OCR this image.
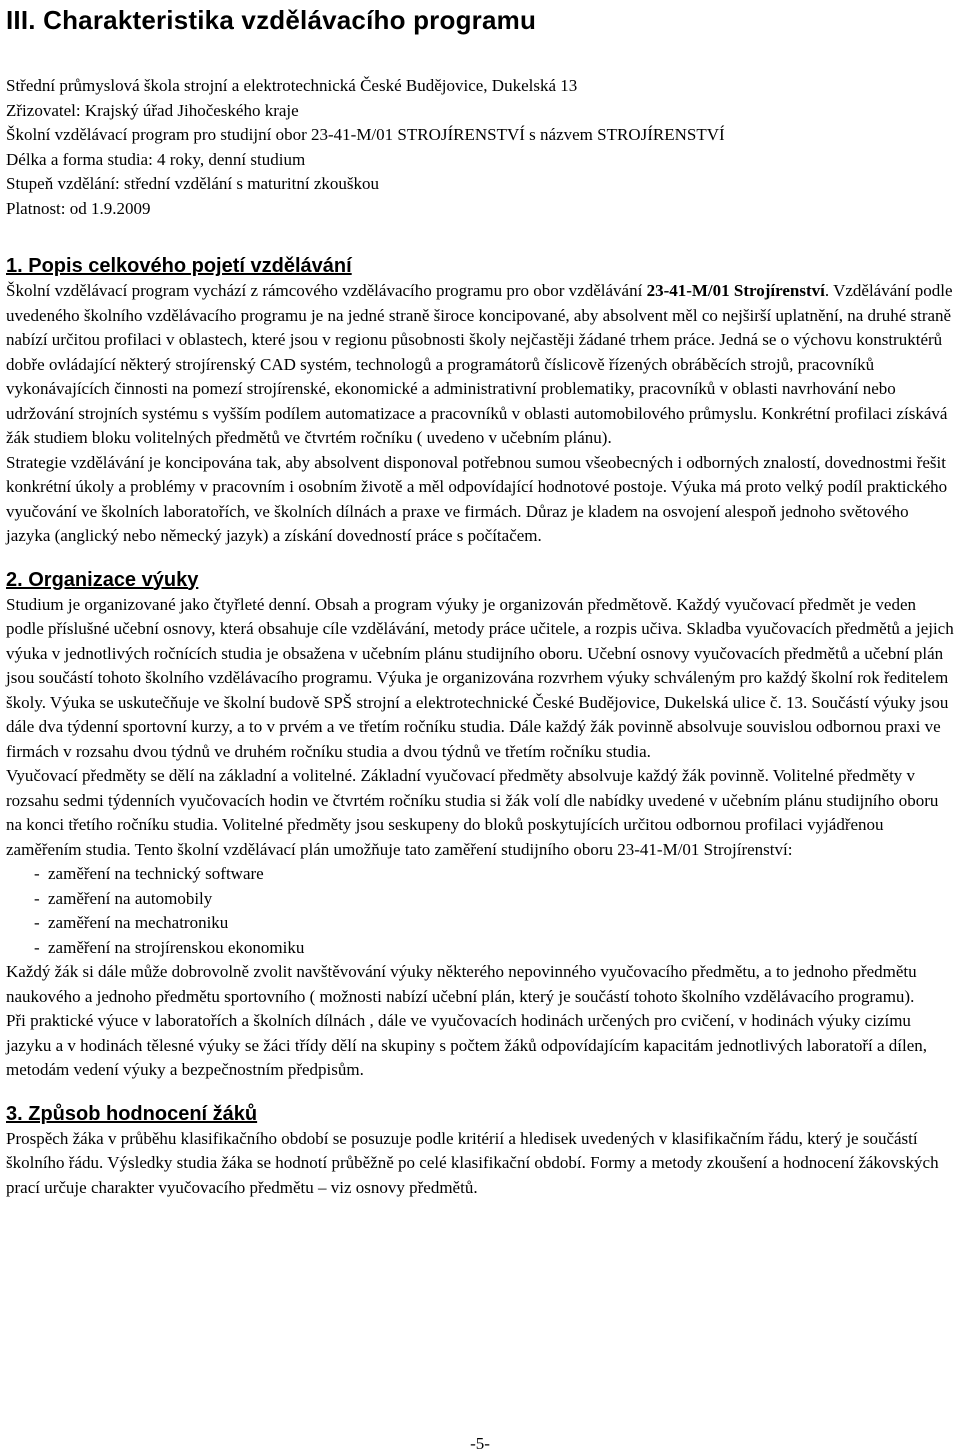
III. Charakteristika vzdělávacího programu
Střední průmyslová škola strojní a elektrotechnická České Budějovice, Dukelská 13
Zřizovatel: Krajský úřad Jihočeského kraje
Školní vzdělávací program pro studijní obor 23-41-M/01 STROJÍRENSTVÍ s názvem STROJÍRENSTVÍ
Délka a forma studia: 4 roky, denní studium
Stupeň vzdělání: střední vzdělání s maturitní zkouškou
Platnost: od 1.9.2009
1. Popis celkového pojetí vzdělávání

Školní vzdělávací program vychází z rámcového vzdělávacího programu pro obor vzdělávání 23-41-M/01 Strojírenství. Vzdělávání podle uvedeného školního vzdělávacího programu je na jedné straně široce koncipované, aby absolvent měl co nejširší uplatnění, na druhé straně nabízí určitou profilaci v oblastech, které jsou v regionu působnosti školy nejčastěji žádané trhem práce. Jedná se o výchovu konstruktérů dobře ovládající některý strojírenský CAD systém, technologů a programátorů číslicově řízených obráběcích strojů, pracovníků vykonávajících činnosti na pomezí strojírenské, ekonomické a administrativní problematiky, pracovníků v oblasti navrhování nebo udržování strojních systému s vyšším podílem automatizace a pracovníků v oblasti automobilového průmyslu. Konkrétní profilaci získává žák studiem bloku volitelných předmětů ve čtvrtém ročníku ( uvedeno v učebním plánu).

Strategie vzdělávání je koncipována tak, aby absolvent disponoval potřebnou sumou všeobecných i odborných znalostí, dovednostmi řešit konkrétní úkoly a problémy v pracovním i osobním životě a měl odpovídající hodnotové postoje. Výuka má proto velký podíl praktického vyučování ve školních laboratořích, ve školních dílnách a praxe ve firmách. Důraz je kladem na osvojení alespoň jednoho světového jazyka (anglický nebo německý jazyk) a získání dovedností práce s počítačem.

2. Organizace výuky

Studium je organizované jako čtyřleté denní. Obsah a program výuky je organizován předmětově. Každý vyučovací předmět je veden podle příslušné učební osnovy, která obsahuje cíle vzdělávání, metody práce učitele, a rozpis učiva. Skladba vyučovacích předmětů a jejich výuka v jednotlivých ročnících studia je obsažena v učebním plánu studijního oboru. Učební osnovy vyučovacích předmětů a učební plán jsou součástí tohoto školního vzdělávacího programu. Výuka je organizována rozvrhem výuky schváleným pro každý školní rok ředitelem školy. Výuka se uskutečňuje ve školní budově SPŠ strojní a elektrotechnické České Budějovice, Dukelská ulice č. 13. Součástí výuky jsou dále dva týdenní sportovní kurzy, a to v prvém a ve třetím ročníku studia. Dále každý žák povinně absolvuje souvislou odbornou praxi ve firmách v rozsahu dvou týdnů ve druhém ročníku studia a dvou týdnů ve třetím ročníku studia.

Vyučovací předměty se dělí na základní a volitelné. Základní vyučovací předměty absolvuje každý žák povinně. Volitelné předměty v rozsahu sedmi týdenních vyučovacích hodin ve čtvrtém ročníku studia si žák volí dle nabídky uvedené v učebním plánu studijního oboru na konci třetího ročníku studia. Volitelné předměty jsou seskupeny do bloků poskytujících určitou odbornou profilaci vyjádřenou zaměřením studia. Tento školní vzdělávací plán umožňuje tato zaměření studijního oboru 23-41-M/01 Strojírenství:

- zaměření na technický software
- zaměření na automobily
- zaměření na mechatroniku
- zaměření na strojírenskou ekonomiku

Každý žák si dále může dobrovolně zvolit navštěvování výuky některého nepovinného vyučovacího předmětu, a to jednoho předmětu naukového a jednoho předmětu sportovního ( možnosti nabízí učební plán, který je součástí tohoto školního vzdělávacího programu).

Při praktické výuce v laboratořích a školních dílnách , dále ve vyučovacích hodinách určených pro cvičení, v hodinách výuky cizímu jazyku a v hodinách tělesné výuky se žáci třídy dělí na skupiny s počtem žáků odpovídajícím kapacitám jednotlivých laboratoří a dílen, metodám vedení výuky a bezpečnostním předpisům.

3. Způsob hodnocení žáků

Prospěch žáka v průběhu klasifikačního období se posuzuje podle kritérií a hledisek uvedených v klasifikačním řádu, který je součástí školního řádu. Výsledky studia žáka se hodnotí průběžně po celé klasifikační období. Formy a metody zkoušení a hodnocení žákovských prací určuje charakter vyučovacího předmětu – viz osnovy předmětů.

-5-
